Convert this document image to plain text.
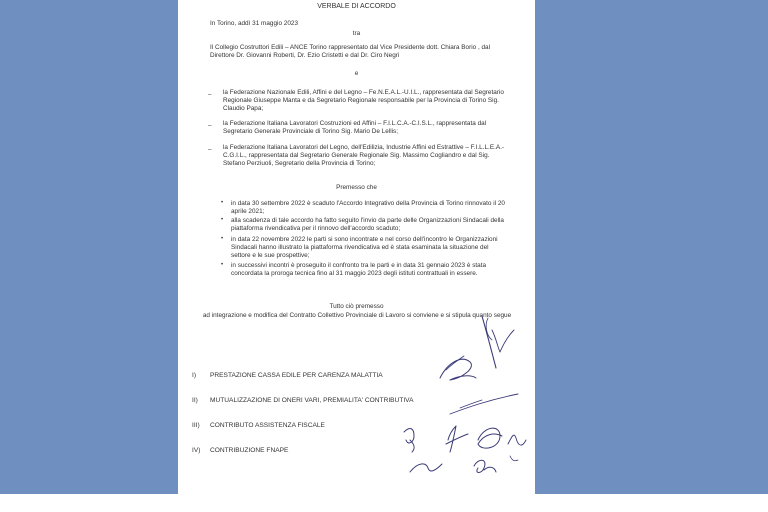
VERBALE DI ACCORDO
In Torino, addì 31 maggio 2023
tra
Il Collegio Costruttori Edili – ANCE Torino rappresentato dal Vice Presidente dott. Chiara Borio , dal Direttore Dr. Giovanni Roberti, Dr. Ezio Cristetti e dal Dr. Ciro Negri
e
– la Federazione Nazionale Edili, Affini e del Legno – Fe.N.E.A.L.-U.I.L., rappresentata dal Segretario Regionale Giuseppe Manta e da Segretario Regionale responsabile per la Provincia di Torino Sig. Claudio Papa;
– la Federazione Italiana Lavoratori Costruzioni ed Affini – F.I.L.C.A.-C.I.S.L., rappresentata dal Segretario Generale Provinciale di Torino Sig. Mario De Lellis;
– la Federazione Italiana Lavoratori del Legno, dell'Edilizia, Industrie Affini ed Estrattive – F.I.L.L.E.A.-C.G.I.L., rappresentata dal Segretario Generale Regionale Sig. Massimo Cogliandro e dal Sig. Stefano Perziuoli, Segretario della Provincia di Torino;
Premesso che
• in data 30 settembre 2022 è scaduto l'Accordo Integrativo della Provincia di Torino rinnovato il 20 aprile 2021;
• alla scadenza di tale accordo ha fatto seguito l'invio da parte delle Organizzazioni Sindacali della piattaforma rivendicativa per il rinnovo dell'accordo scaduto;
• in data 22 novembre 2022 le parti si sono incontrate e nel corso dell'incontro le Organizzazioni Sindacali hanno illustrato la piattaforma rivendicativa ed è stata esaminata la situazione del settore e le sue prospettive;
• in successivi incontri è proseguito il confronto tra le parti e in data 31 gennaio 2023 è stata concordata la proroga tecnica fino al 31 maggio 2023 degli istituti contrattuali in essere.
Tutto ciò premesso
ad integrazione e modifica del Contratto Collettivo Provinciale di Lavoro si conviene e si stipula quanto segue
I) PRESTAZIONE CASSA EDILE PER CARENZA MALATTIA
II) MUTUALIZZAZIONE DI ONERI VARI, PREMIALITA' CONTRIBUTIVA
III) CONTRIBUTO ASSISTENZA FISCALE
IV) CONTRIBUZIONE FNAPE
